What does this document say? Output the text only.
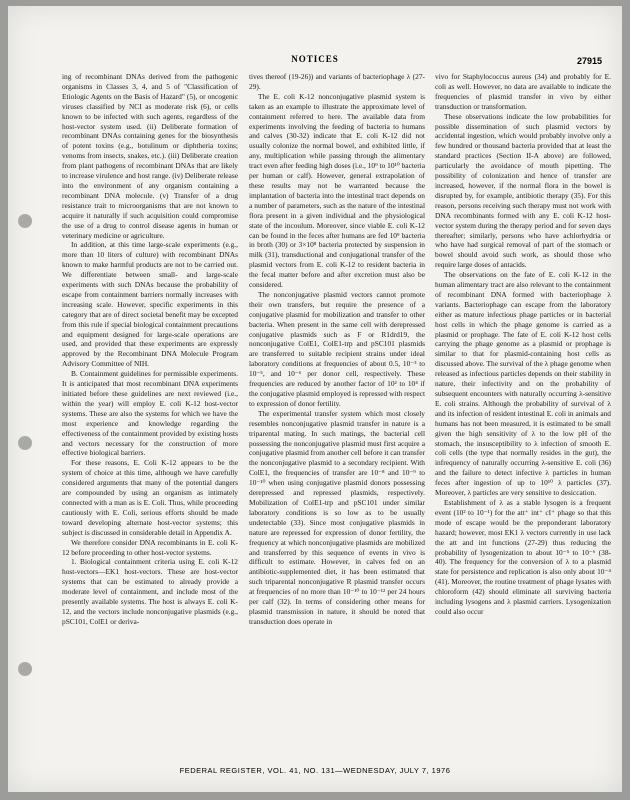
NOTICES	27915

ing of recombinant DNAs derived from the pathogenic organisms in Classes 3, 4, and 5 of "Classification of Etiologic Agents on the Basis of Hazard" (5), or oncogenic viruses classified by NCI as moderate risk (6), or cells known to be infected with such agents, regardless of the host-vector system used. (ii) Deliberate formation of recombinant DNAs containing genes for the biosynthesis of potent toxins (e.g., botulinum or diphtheria toxins; venoms from insects, snakes, etc.). (iii) Deliberate creation from plant pathogens of recombinant DNAs that are likely to increase virulence and host range. (iv) Deliberate release into the environment of any organism containing a recombinant DNA molecule. (v) Transfer of a drug resistance trait to microorganisms that are not known to acquire it naturally if such acquisition could compromise the use of a drug to control disease agents in human or veterinary medicine or agriculture.

In addition, at this time large-scale experiments (e.g., more than 10 liters of culture) with recombinant DNAs known to make harmful products are not to be carried out. We differentiate between small- and large-scale experiments with such DNAs because the probability of escape from containment barriers normally increases with increasing scale. However, specific experiments in this category that are of direct societal benefit may be excepted from this rule if special biological containment precautions and equipment designed for large-scale operations are used, and provided that these experiments are expressly approved by the Recombinant DNA Molecule Program Advisory Committee of NIH.

B. Containment guidelines for permissible experiments. It is anticipated that most recombinant DNA experiments initiated before these guidelines are next reviewed (i.e., within the year) will employ E. coli K-12 host-vector systems. These are also the systems for which we have the most experience and knowledge regarding the effectiveness of the containment provided by existing hosts and vectors necessary for the construction of more effective biological barriers.

For these reasons, E. Coli K-12 appears to be the system of choice at this time, although we have carefully considered arguments that many of the potential dangers are compounded by using an organism as intimately connected with a man as is E. Coli. Thus, while proceeding cautiously with E. Coli, serious efforts should be made toward developing alternate host-vector systems; this subject is discussed in considerable detail in Appendix A.

We therefore consider DNA recombinants in E. coli K-12 before proceeding to other host-vector systems.

1. Biological containment criteria using E. coli K-12 host-vectors—EK1 host-vectors. These are host-vector systems that can be estimated to already provide a moderate level of containment, and include most of the presently available systems. The host is always E. coli K-12, and the vectors include nonconjugative plasmids (e.g., pSC101, ColE1 or deriva-

tives thereof (19-26)) and variants of bacteriophage λ (27-29).

The E. coli K-12 nonconjugative plasmid system is taken as an example to illustrate the approximate level of containment referred to here. The available data from experiments involving the feeding of bacteria to humans and calves (30-32) indicate that E. coli K-12 did not usually colonize the normal bowel, and exhibited little, if any, multiplication while passing through the alimentary tract even after feeding high doses (i.e., 10⁹ to 10¹⁰ bacteria per human or calf). However, general extrapolation of these results may not be warranted because the implantation of bacteria into the intestinal tract depends on a number of parameters, such as the nature of the intestinal flora present in a given individual and the physiological state of the incoulum. Moreover, since viable E. coli K-12 can be found in the feces after humans are fed 10⁹ bacteria in broth (30) or 3×10⁸ bacteria protected by suspension in milk (31), transductional and conjugational transfer of the plasmid vectors from E. coli K-12 to resident bacteria in the fecal matter before and after excretion must also be considered.

The nonconjugative plasmid vectors cannot promote their own transfers, but require the presence of a conjugative plasmid for mobilization and transfer to other bacteria. When present in the same cell with derepressed conjugative plasmids such as F or R1drd19, the nonconjugative ColE1, ColE1-trp and pSC101 plasmids are transferred to suitable recipient strains under ideal laboratory conditions at frequencies of about 0.5, 10⁻³ to 10⁻⁵, and 10⁻⁶ per donor cell, respectively. These frequencies are reduced by another factor of 10² to 10⁴ if the conjugative plasmid employed is repressed with respect to expression of donor fertility.

The experimental transfer system which most closely resembles nonconjugative plasmid transfer in nature is a triparental mating. In such matings, the bacterial cell possessing the nonconjugative plasmid must first acquire a conjugative plasmid from another cell before it can transfer the nonconjugative plasmid to a secondary recipient. With ColE1, the frequencies of transfer are 10⁻⁸ and 10⁻⁹ to 10⁻¹⁰ when using conjugative plasmid donors possessing derepressed and repressed plasmids, respectively. Mobilization of ColE1-trp and pSC101 under similar laboratory conditions is so low as to be usually undetectable (33). Since most conjugative plasmids in nature are repressed for expression of donor fertility, the frequency at which nonconjugative plasmids are mobilized and transferred by this sequence of events in vivo is difficult to estimate. However, in calves fed on an antibiotic-supplemented diet, it has been estimated that such triparental nonconjugative R plasmid transfer occurs at frequencies of no more than 10⁻¹⁰ to 10⁻¹² per 24 hours per calf (32). In terms of considering other means for plasmid transmission in nature, it should be noted that transduction does operate in

vivo for Staphylococcus aureus (34) and probably for E. coli as well. However, no data are available to indicate the frequencies of plasmid transfer in vivo by either transduction or transformation.

These observations indicate the low probabilities for possible dissemination of such plasmid vectors by accidental ingestion, which would probably involve only a few hundred or thousand bacteria provided that at least the standard practices (Section II-A above) are followed, particularly the avoidance of mouth pipetting. The possibility of colonization and hence of transfer are increased, however, if the normal flora in the bowel is disrupted by, for example, antibiotic therapy (35). For this reason, persons receiving such therapy must not work with DNA recombinants formed with any E. coli K-12 host-vector system during the therapy period and for seven days thereafter; similarly, persons who have achlorhydria or who have had surgical removal of part of the stomach or bowel should avoid such work, as should those who require large doses of antacids.

The observations on the fate of E. coli K-12 in the human alimentary tract are also relevant to the containment of recombinant DNA formed with bacteriophage λ variants. Bacteriophage can escape from the laboratory either as mature infectious phage particles or in bacterial host cells in which the phage genome is carried as a plasmid or prophage. The fate of E. coli K-12 host cells carrying the phage genome as a plasmid or prophage is similar to that for plasmid-containing host cells as discussed above. The survival of the λ phage genome when released as infectious particles depends on their stability in nature, their infectivity and on the probability of subsequent encounters with naturally occurring λ-sensitive E. coli strains. Although the probability of survival of λ and its infection of resident intestinal E. coli in animals and humans has not been measured, it is estimated to be small given the high sensitivity of λ to the low pH of the stomach, the insusceptibility to λ infection of smooth E. coli cells (the type that normally resides in the gut), the infrequency of naturally occurring λ-sensitive E. coli (36) and the failure to detect infective λ particles in human feces after ingestion of up to 10¹⁰ λ particles (37). Moreover, λ particles are very sensitive to desiccation.

Establishment of λ as a stable lysogen is a frequent event (10² to 10⁻¹) for the att⁺ int⁺ cI⁺ phage so that this mode of escape would be the preponderant laboratory hazard; however, most EK1 λ vectors currently in use lack the att and int functions (27-29) thus reducing the probability of lysogenization to about 10⁻⁵ to 10⁻⁶ (38-40). The frequency for the conversion of λ to a plasmid state for persistence and replication is also only about 10⁻⁴ (41). Moreover, the routine treatment of phage lysates with chloroform (42) should eliminate all surviving bacteria including lysogens and λ plasmid carriers. Lysogenization could also occur

FEDERAL REGISTER, VOL. 41, NO. 131—WEDNESDAY, JULY 7, 1976
